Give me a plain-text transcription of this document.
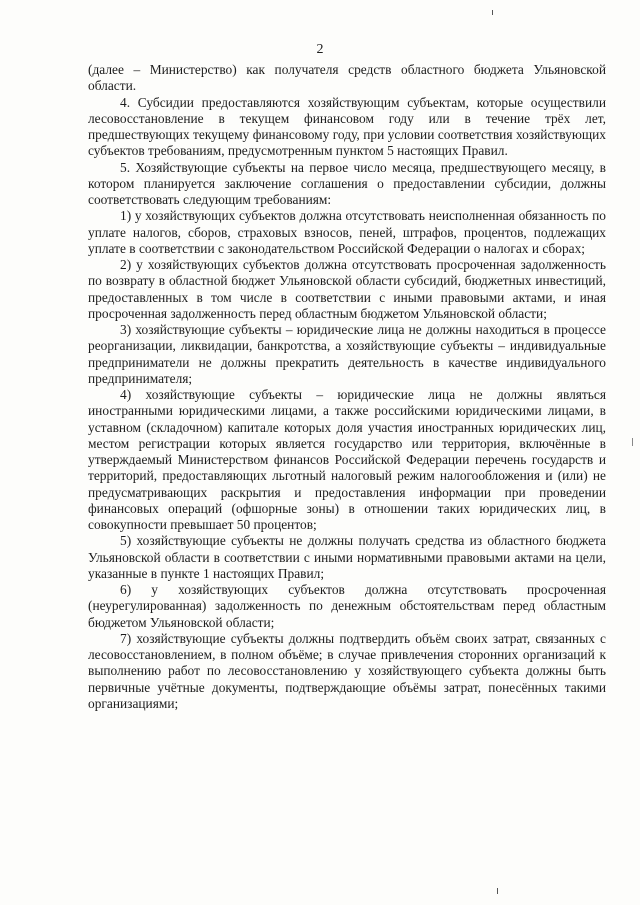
2

(далее – Министерство) как получателя средств областного бюджета Ульяновской области.

4. Субсидии предоставляются хозяйствующим субъектам, которые осуществили лесовосстановление в текущем финансовом году или в течение трёх лет, предшествующих текущему финансовому году, при условии соответствия хозяйствующих субъектов требованиям, предусмотренным пунктом 5 настоящих Правил.

5. Хозяйствующие субъекты на первое число месяца, предшествующего месяцу, в котором планируется заключение соглашения о предоставлении субсидии, должны соответствовать следующим требованиям:

1) у хозяйствующих субъектов должна отсутствовать неисполненная обязанность по уплате налогов, сборов, страховых взносов, пеней, штрафов, процентов, подлежащих уплате в соответствии с законодательством Российской Федерации о налогах и сборах;

2) у хозяйствующих субъектов должна отсутствовать просроченная задолженность по возврату в областной бюджет Ульяновской области субсидий, бюджетных инвестиций, предоставленных в том числе в соответствии с иными правовыми актами, и иная просроченная задолженность перед областным бюджетом Ульяновской области;

3) хозяйствующие субъекты – юридические лица не должны находиться в процессе реорганизации, ликвидации, банкротства, а хозяйствующие субъекты – индивидуальные предприниматели не должны прекратить деятельность в качестве индивидуального предпринимателя;

4) хозяйствующие субъекты – юридические лица не должны являться иностранными юридическими лицами, а также российскими юридическими лицами, в уставном (складочном) капитале которых доля участия иностранных юридических лиц, местом регистрации которых является государство или территория, включённые в утверждаемый Министерством финансов Российской Федерации перечень государств и территорий, предоставляющих льготный налоговый режим налогообложения и (или) не предусматривающих раскрытия и предоставления информации при проведении финансовых операций (офшорные зоны) в отношении таких юридических лиц, в совокупности превышает 50 процентов;

5) хозяйствующие субъекты не должны получать средства из областного бюджета Ульяновской области в соответствии с иными нормативными правовыми актами на цели, указанные в пункте 1 настоящих Правил;

6) у хозяйствующих субъектов должна отсутствовать просроченная (неурегулированная) задолженность по денежным обстоятельствам перед областным бюджетом Ульяновской области;

7) хозяйствующие субъекты должны подтвердить объём своих затрат, связанных с лесовосстановлением, в полном объёме; в случае привлечения сторонних организаций к выполнению работ по лесовосстановлению у хозяйствующего субъекта должны быть первичные учётные документы, подтверждающие объёмы затрат, понесённых такими организациями;
